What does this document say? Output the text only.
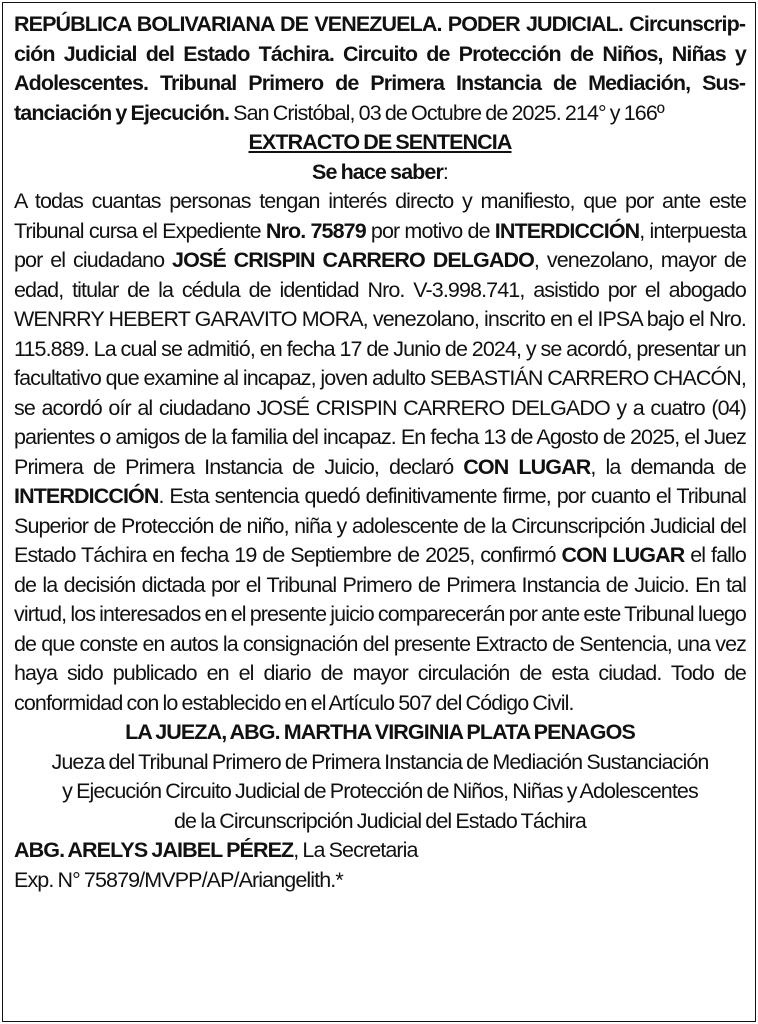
REPÚBLICA BOLIVARIANA DE VENEZUELA. PODER JUDICIAL. Circunscripción Judicial del Estado Táchira. Circuito de Protección de Niños, Niñas y Adolescentes. Tribunal Primero de Primera Instancia de Mediación, Sustanciación y Ejecución. San Cristóbal, 03 de Octubre de 2025. 214° y 166º

EXTRACTO DE SENTENCIA

Se hace saber:

A todas cuantas personas tengan interés directo y manifiesto, que por ante este Tribunal cursa el Expediente Nro. 75879 por motivo de INTERDICCIÓN, interpuesta por el ciudadano JOSÉ CRISPIN CARRERO DELGADO, venezolano, mayor de edad, titular de la cédula de identidad Nro. V-3.998.741, asistido por el abogado WENRRY HEBERT GARAVITO MORA, venezolano, inscrito en el IPSA bajo el Nro. 115.889. La cual se admitió, en fecha 17 de Junio de 2024, y se acordó, presentar un facultativo que examine al incapaz, joven adulto SEBASTIÁN CARRERO CHACÓN, se acordó oír al ciudadano JOSÉ CRISPIN CARRERO DELGADO y a cuatro (04) parientes o amigos de la familia del incapaz. En fecha 13 de Agosto de 2025, el Juez Primera de Primera Instancia de Juicio, declaró CON LUGAR, la demanda de INTERDICCIÓN. Esta sentencia quedó definitivamente firme, por cuanto el Tribunal Superior de Protección de niño, niña y adolescente de la Circunscripción Judicial del Estado Táchira en fecha 19 de Septiembre de 2025, confirmó CON LUGAR el fallo de la decisión dictada por el Tribunal Primero de Primera Instancia de Juicio. En tal virtud, los interesados en el presente juicio comparecerán por ante este Tribunal luego de que conste en autos la consignación del presente Extracto de Sentencia, una vez haya sido publicado en el diario de mayor circulación de esta ciudad. Todo de conformidad con lo establecido en el Artículo 507 del Código Civil.

LA JUEZA, ABG. MARTHA VIRGINIA PLATA PENAGOS

Jueza del Tribunal Primero de Primera Instancia de Mediación Sustanciación

y Ejecución Circuito Judicial de Protección de Niños, Niñas y Adolescentes

de la Circunscripción Judicial del Estado Táchira

ABG. ARELYS JAIBEL PÉREZ, La Secretaria

Exp. N° 75879/MVPP/AP/Ariangelith.*
